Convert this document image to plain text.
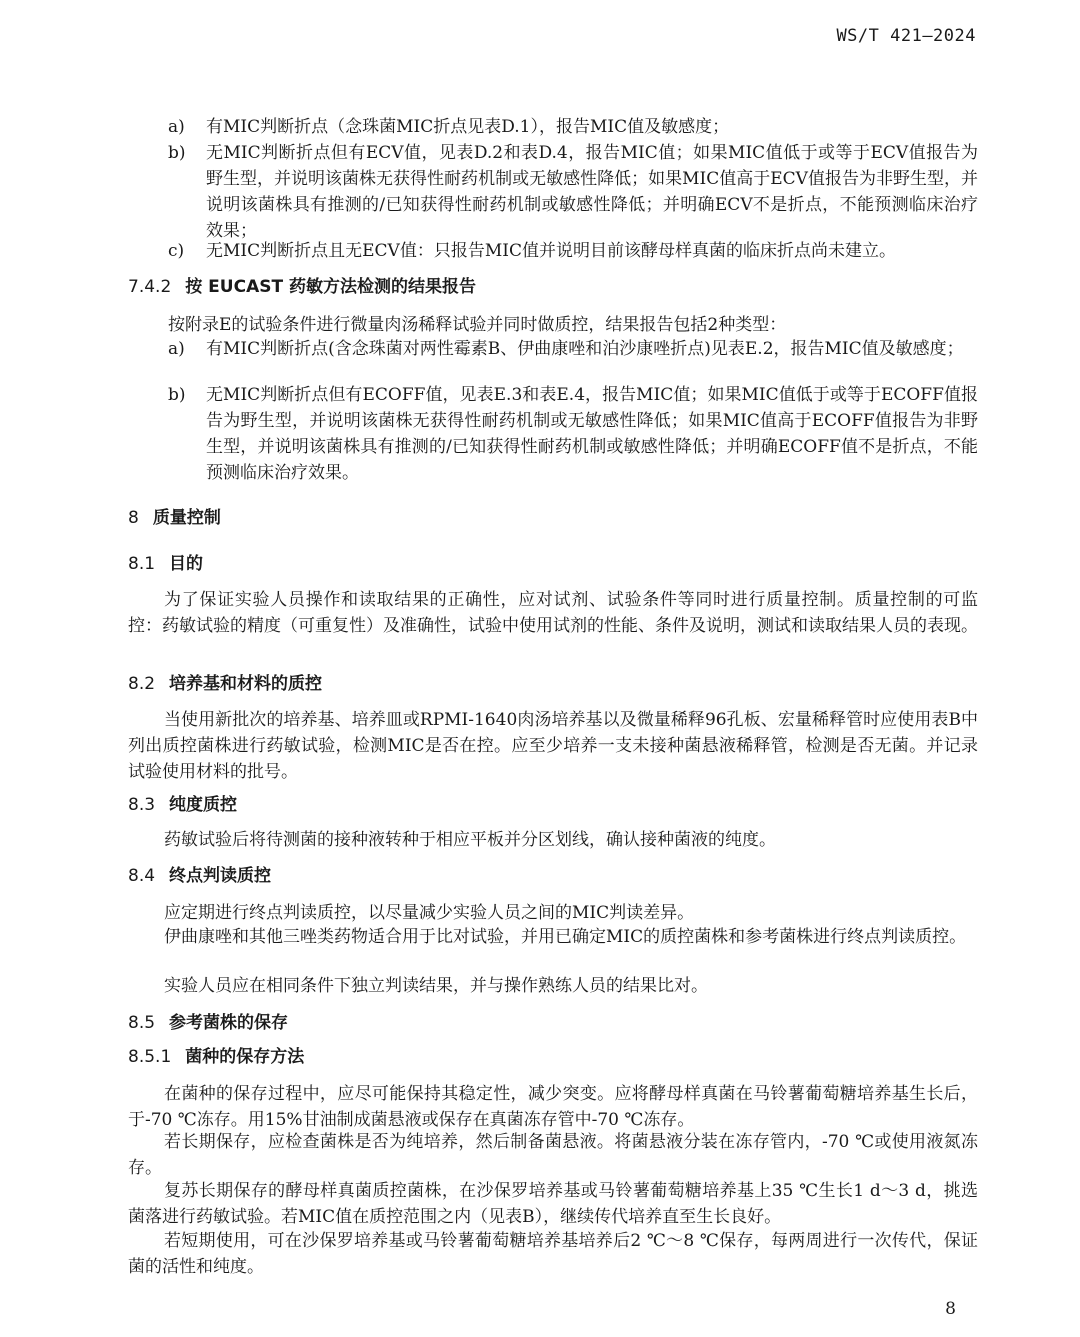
WS/T 421—2024
a) 有MIC判断折点（念珠菌MIC折点见表D.1），报告MIC值及敏感度；
b) 无MIC判断折点但有ECV值，见表D.2和表D.4，报告MIC值；如果MIC值低于或等于ECV值报告为野生型，并说明该菌株无获得性耐药机制或无敏感性降低；如果MIC值高于ECV值报告为非野生型，并说明该菌株具有推测的/已知获得性耐药机制或敏感性降低；并明确ECV不是折点，不能预测临床治疗效果；
c) 无MIC判断折点且无ECV值：只报告MIC值并说明目前该酵母样真菌的临床折点尚未建立。
7.4.2 按 EUCAST 药敏方法检测的结果报告
按附录E的试验条件进行微量肉汤稀释试验并同时做质控，结果报告包括2种类型：
a) 有MIC判断折点(含念珠菌对两性霉素B、伊曲康唑和泊沙康唑折点)见表E.2，报告MIC值及敏感度；
b) 无MIC判断折点但有ECOFF值，见表E.3和表E.4，报告MIC值；如果MIC值低于或等于ECOFF值报告为野生型，并说明该菌株无获得性耐药机制或无敏感性降低；如果MIC值高于ECOFF值报告为非野生型，并说明该菌株具有推测的/已知获得性耐药机制或敏感性降低；并明确ECOFF值不是折点，不能预测临床治疗效果。
8 质量控制
8.1 目的
为了保证实验人员操作和读取结果的正确性，应对试剂、试验条件等同时进行质量控制。质量控制的可监控：药敏试验的精度（可重复性）及准确性，试验中使用试剂的性能、条件及说明，测试和读取结果人员的表现。
8.2 培养基和材料的质控
当使用新批次的培养基、培养皿或RPMI-1640肉汤培养基以及微量稀释96孔板、宏量稀释管时应使用表B中列出质控菌株进行药敏试验，检测MIC是否在控。应至少培养一支未接种菌悬液稀释管，检测是否无菌。并记录试验使用材料的批号。
8.3 纯度质控
药敏试验后将待测菌的接种液转种于相应平板并分区划线，确认接种菌液的纯度。
8.4 终点判读质控
应定期进行终点判读质控，以尽量减少实验人员之间的MIC判读差异。
伊曲康唑和其他三唑类药物适合用于比对试验，并用已确定MIC的质控菌株和参考菌株进行终点判读质控。
实验人员应在相同条件下独立判读结果，并与操作熟练人员的结果比对。
8.5 参考菌株的保存
8.5.1 菌种的保存方法
在菌种的保存过程中，应尽可能保持其稳定性，减少突变。应将酵母样真菌在马铃薯葡萄糖培养基生长后，于-70 ℃冻存。用15%甘油制成菌悬液或保存在真菌冻存管中-70 ℃冻存。
若长期保存，应检查菌株是否为纯培养，然后制备菌悬液。将菌悬液分装在冻存管内，-70 ℃或使用液氮冻存。
复苏长期保存的酵母样真菌质控菌株，在沙保罗培养基或马铃薯葡萄糖培养基上35 ℃生长1 d～3 d，挑选菌落进行药敏试验。若MIC值在质控范围之内（见表B），继续传代培养直至生长良好。
若短期使用，可在沙保罗培养基或马铃薯葡萄糖培养基培养后2 ℃～8 ℃保存，每两周进行一次传代，保证菌的活性和纯度。
8
